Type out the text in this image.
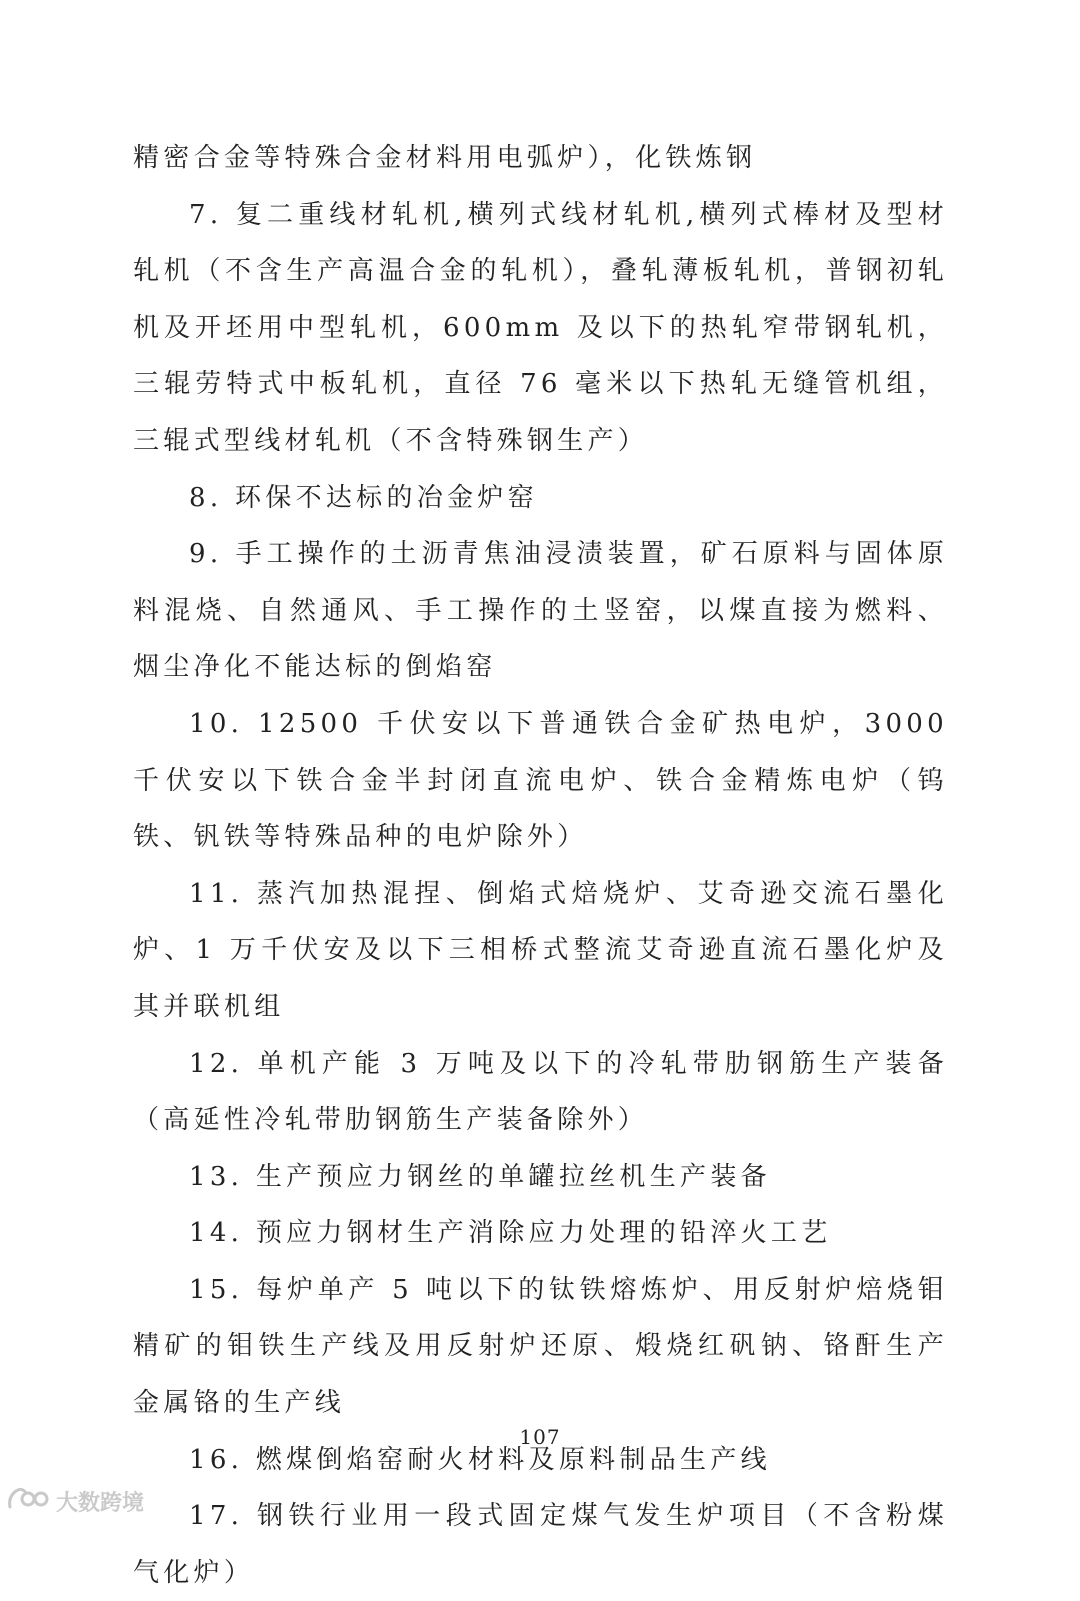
精密合金等特殊合金材料用电弧炉），化铁炼钢

7. 复二重线材轧机,横列式线材轧机,横列式棒材及型材轧机（不含生产高温合金的轧机），叠轧薄板轧机，普钢初轧机及开坯用中型轧机，600mm 及以下的热轧窄带钢轧机，三辊劳特式中板轧机，直径 76 毫米以下热轧无缝管机组，三辊式型线材轧机（不含特殊钢生产）

8. 环保不达标的冶金炉窑

9. 手工操作的土沥青焦油浸渍装置，矿石原料与固体原料混烧、自然通风、手工操作的土竖窑，以煤直接为燃料、烟尘净化不能达标的倒焰窑

10. 12500 千伏安以下普通铁合金矿热电炉，3000 千伏安以下铁合金半封闭直流电炉、铁合金精炼电炉（钨铁、钒铁等特殊品种的电炉除外）

11. 蒸汽加热混捏、倒焰式焙烧炉、艾奇逊交流石墨化炉、1 万千伏安及以下三相桥式整流艾奇逊直流石墨化炉及其并联机组

12. 单机产能 3 万吨及以下的冷轧带肋钢筋生产装备（高延性冷轧带肋钢筋生产装备除外）

13. 生产预应力钢丝的单罐拉丝机生产装备

14. 预应力钢材生产消除应力处理的铅淬火工艺

15. 每炉单产 5 吨以下的钛铁熔炼炉、用反射炉焙烧钼精矿的钼铁生产线及用反射炉还原、煅烧红矾钠、铬酐生产金属铬的生产线

16. 燃煤倒焰窑耐火材料及原料制品生产线

17. 钢铁行业用一段式固定煤气发生炉项目（不含粉煤气化炉）

107
大数跨境
